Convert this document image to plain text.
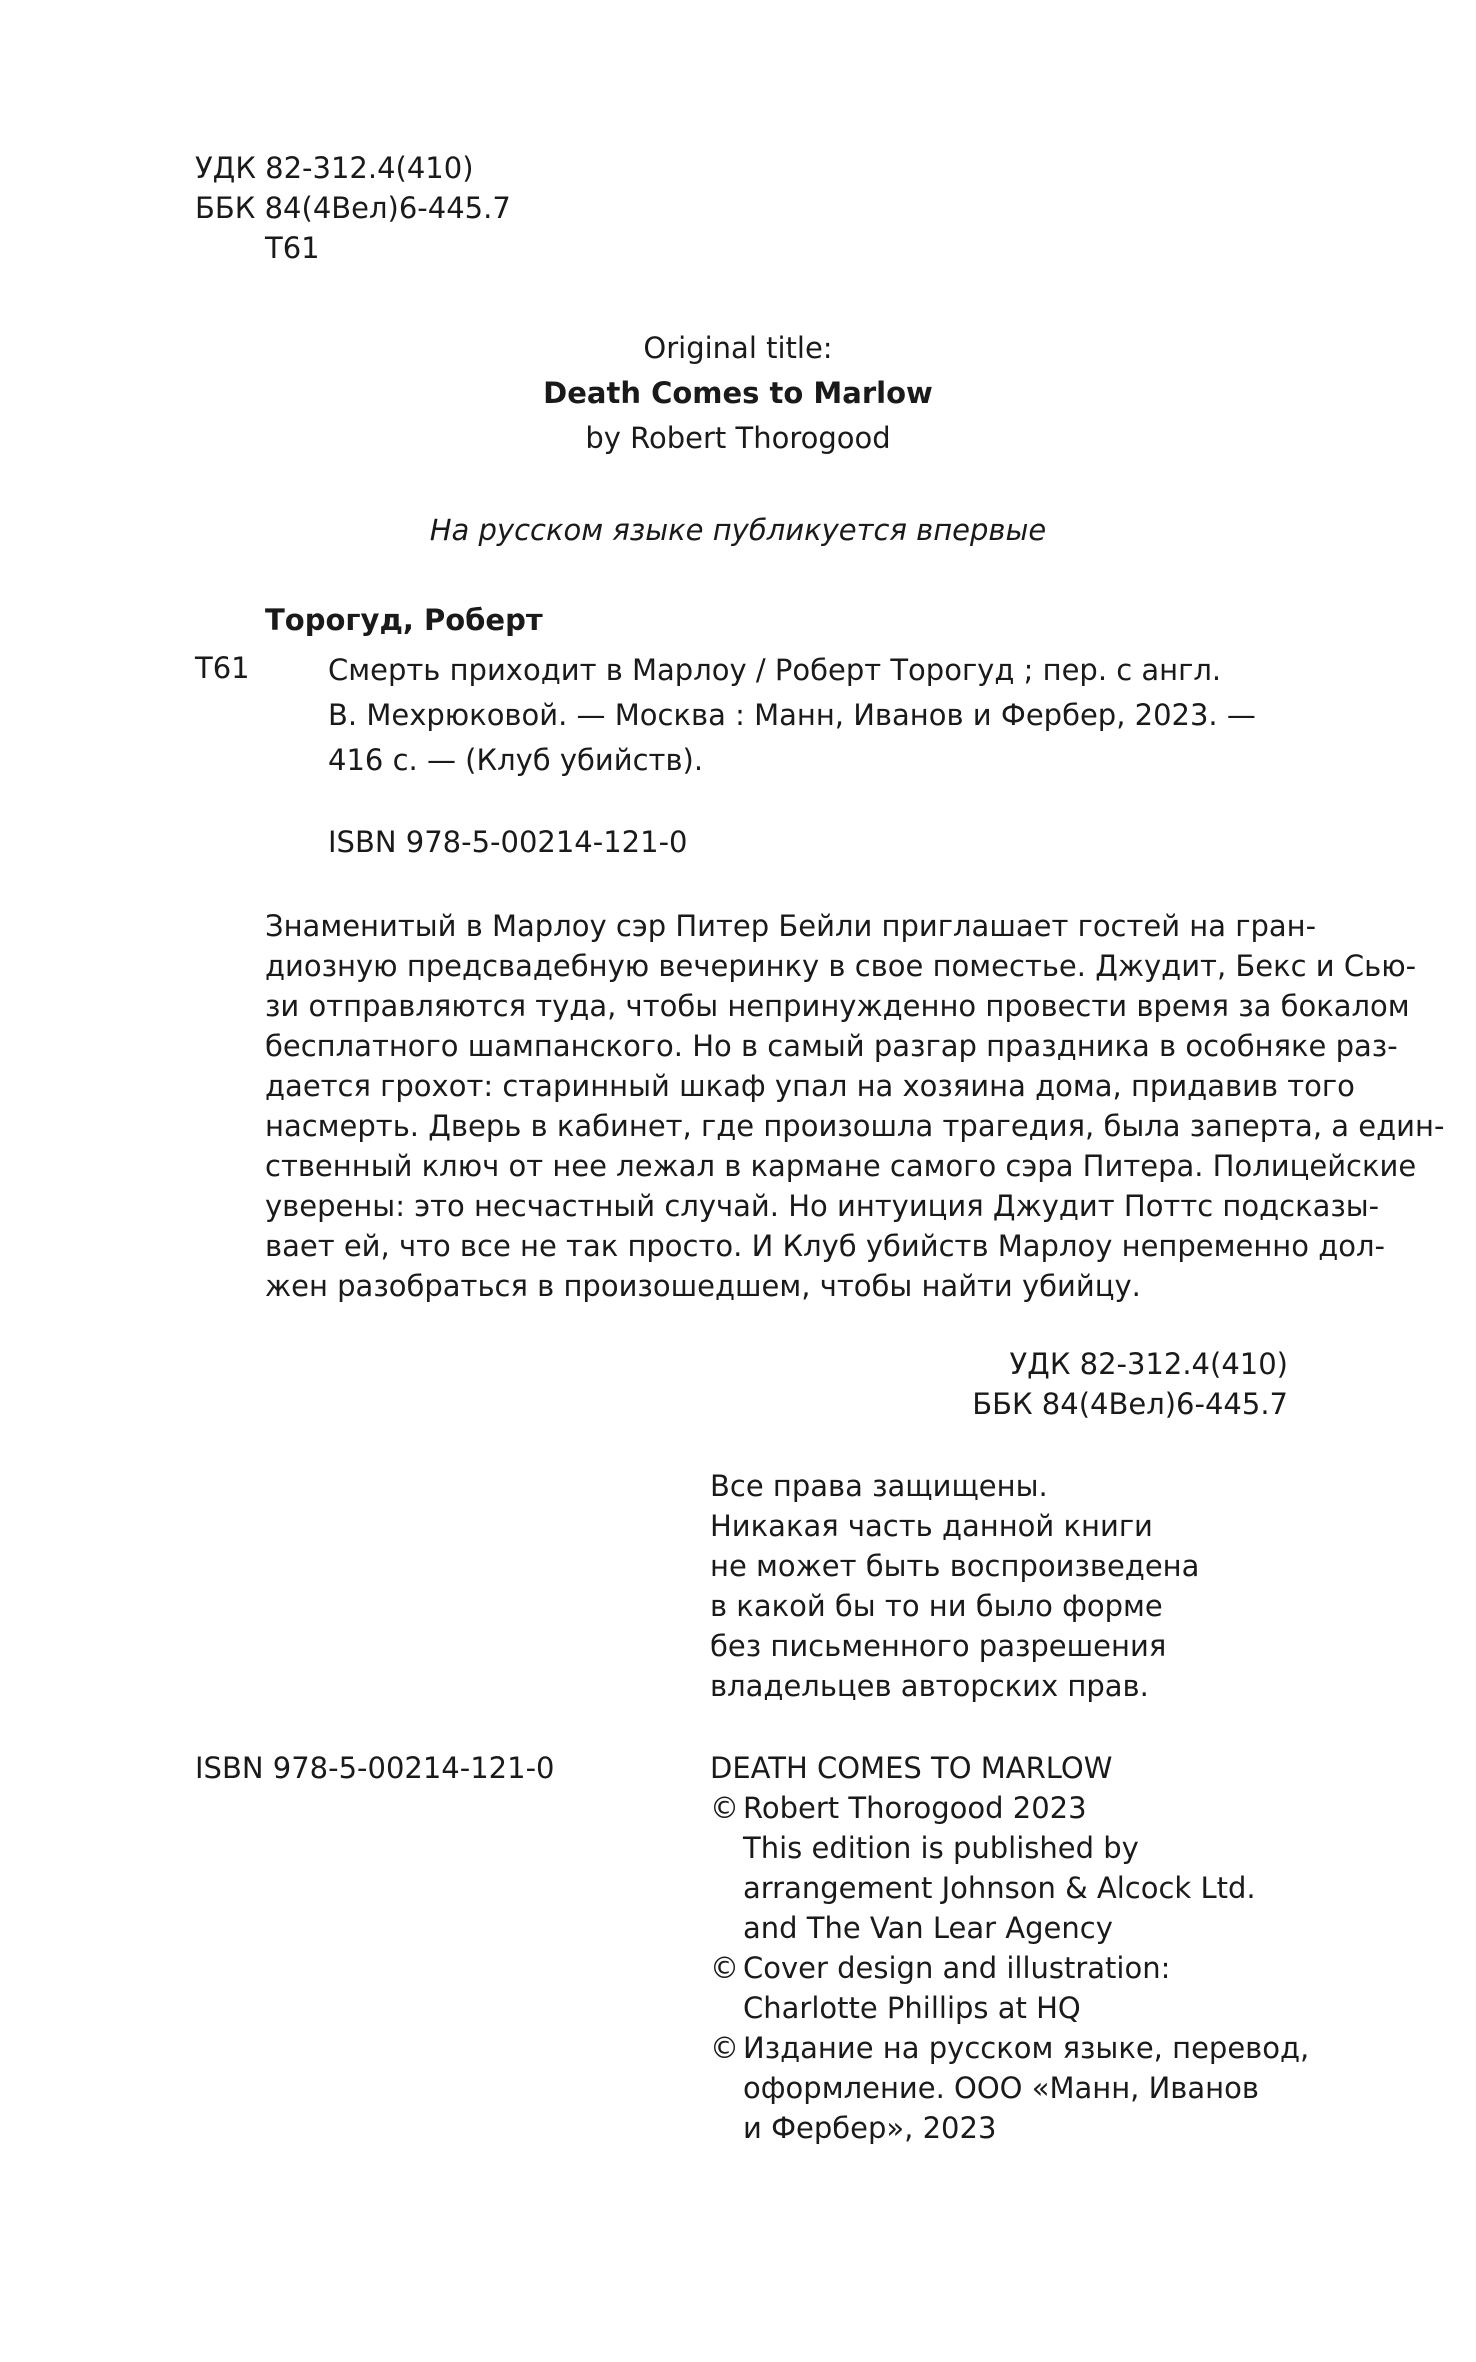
УДК 82-312.4(410)
ББК 84(4Вел)6-445.7
Т61
Original title:
Death Comes to Marlow
by Robert Thorogood
На русском языке публикуется впервые
Торогуд, Роберт
Т61	Смерть приходит в Марлоу / Роберт Торогуд ; пер. с англ.
В. Мехрюковой. — Москва : Манн, Иванов и Фербер, 2023. —
416 с. — (Клуб убийств).
ISBN 978-5-00214-121-0
Знаменитый в Марлоу сэр Питер Бейли приглашает гостей на гран-
диозную предсвадебную вечеринку в свое поместье. Джудит, Бекс и Сью-
зи отправляются туда, чтобы непринужденно провести время за бокалом
бесплатного шампанского. Но в самый разгар праздника в особняке раз-
дается грохот: старинный шкаф упал на хозяина дома, придавив того
насмерть. Дверь в кабинет, где произошла трагедия, была заперта, а един-
ственный ключ от нее лежал в кармане самого сэра Питера. Полицейские
уверены: это несчастный случай. Но интуиция Джудит Поттс подсказы-
вает ей, что все не так просто. И Клуб убийств Марлоу непременно дол-
жен разобраться в произошедшем, чтобы найти убийцу.
УДК 82-312.4(410)
ББК 84(4Вел)6-445.7
Все права защищены.
Никакая часть данной книги
не может быть воспроизведена
в какой бы то ни было форме
без письменного разрешения
владельцев авторских прав.
ISBN 978-5-00214-121-0	DEATH COMES TO MARLOW
© Robert Thorogood 2023
This edition is published by
arrangement Johnson & Alcock Ltd.
and The Van Lear Agency
© Cover design and illustration:
Charlotte Phillips at HQ
© Издание на русском языке, перевод,
оформление. ООО «Манн, Иванов
и Фербер», 2023
